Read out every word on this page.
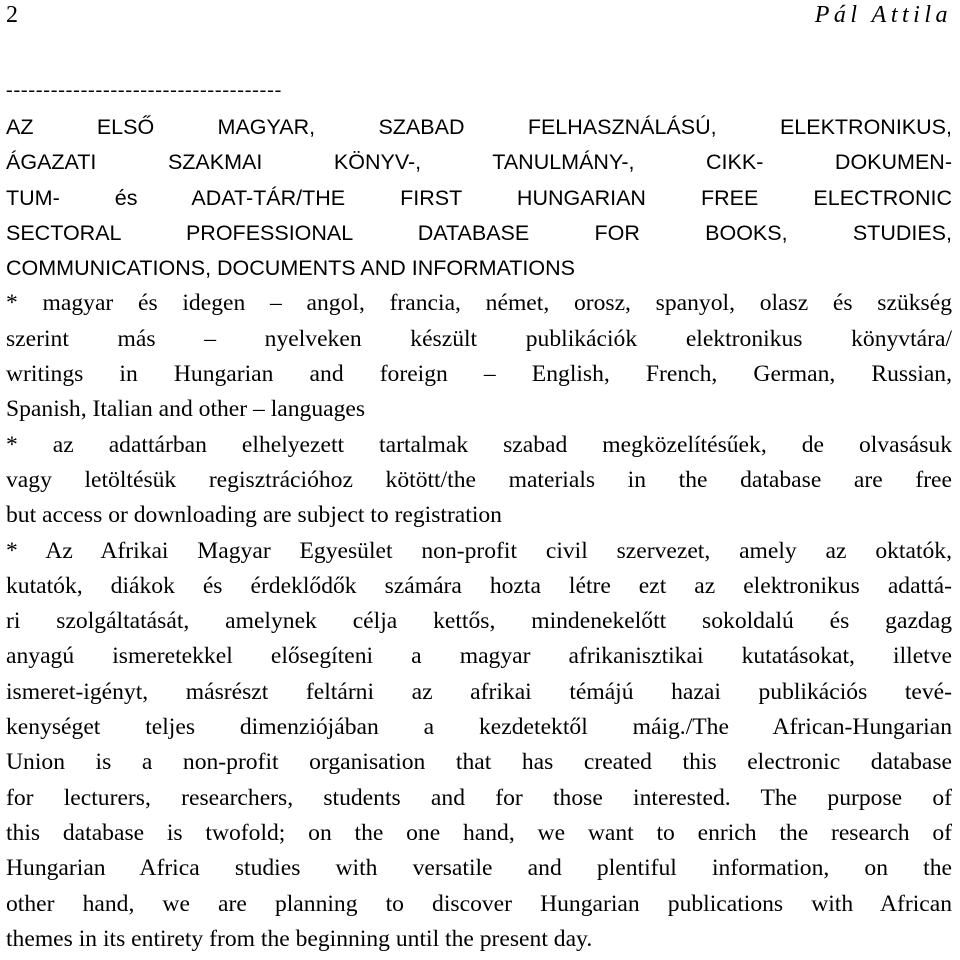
2	Pál Attila
-------------------------------------
AZ ELSŐ MAGYAR, SZABAD FELHASZNÁLÁSÚ, ELEKTRONIKUS,
ÁGAZATI SZAKMAI KÖNYV-, TANULMÁNY-, CIKK- DOKUMEN-
TUM- és ADAT-TÁR/THE FIRST HUNGARIAN FREE ELECTRONIC
SECTORAL PROFESSIONAL DATABASE FOR BOOKS, STUDIES,
COMMUNICATIONS, DOCUMENTS AND INFORMATIONS
* magyar és idegen – angol, francia, német, orosz, spanyol, olasz és szükség
szerint más – nyelveken készült publikációk elektronikus könyvtára/
writings in Hungarian and foreign – English, French, German, Russian,
Spanish, Italian and other – languages
* az adattárban elhelyezett tartalmak szabad megközelítésűek, de olvasásuk
vagy letöltésük regisztrációhoz kötött/the materials in the database are free
but access or downloading are subject to registration
* Az Afrikai Magyar Egyesület non-profit civil szervezet, amely az oktatók,
kutatók, diákok és érdeklődők számára hozta létre ezt az elektronikus adattá-
ri szolgáltatását, amelynek célja kettős, mindenekelőtt sokoldalú és gazdag
anyagú ismeretekkel elősegíteni a magyar afrikanisztikai kutatásokat, illetve
ismeret-igényt, másrészt feltárni az afrikai témájú hazai publikációs tevé-
kenységet teljes dimenziójában a kezdetektől máig./The African-Hungarian
Union is a non-profit organisation that has created this electronic database
for lecturers, researchers, students and for those interested. The purpose of
this database is twofold; on the one hand, we want to enrich the research of
Hungarian Africa studies with versatile and plentiful information, on the
other hand, we are planning to discover Hungarian publications with African
themes in its entirety from the beginning until the present day.
